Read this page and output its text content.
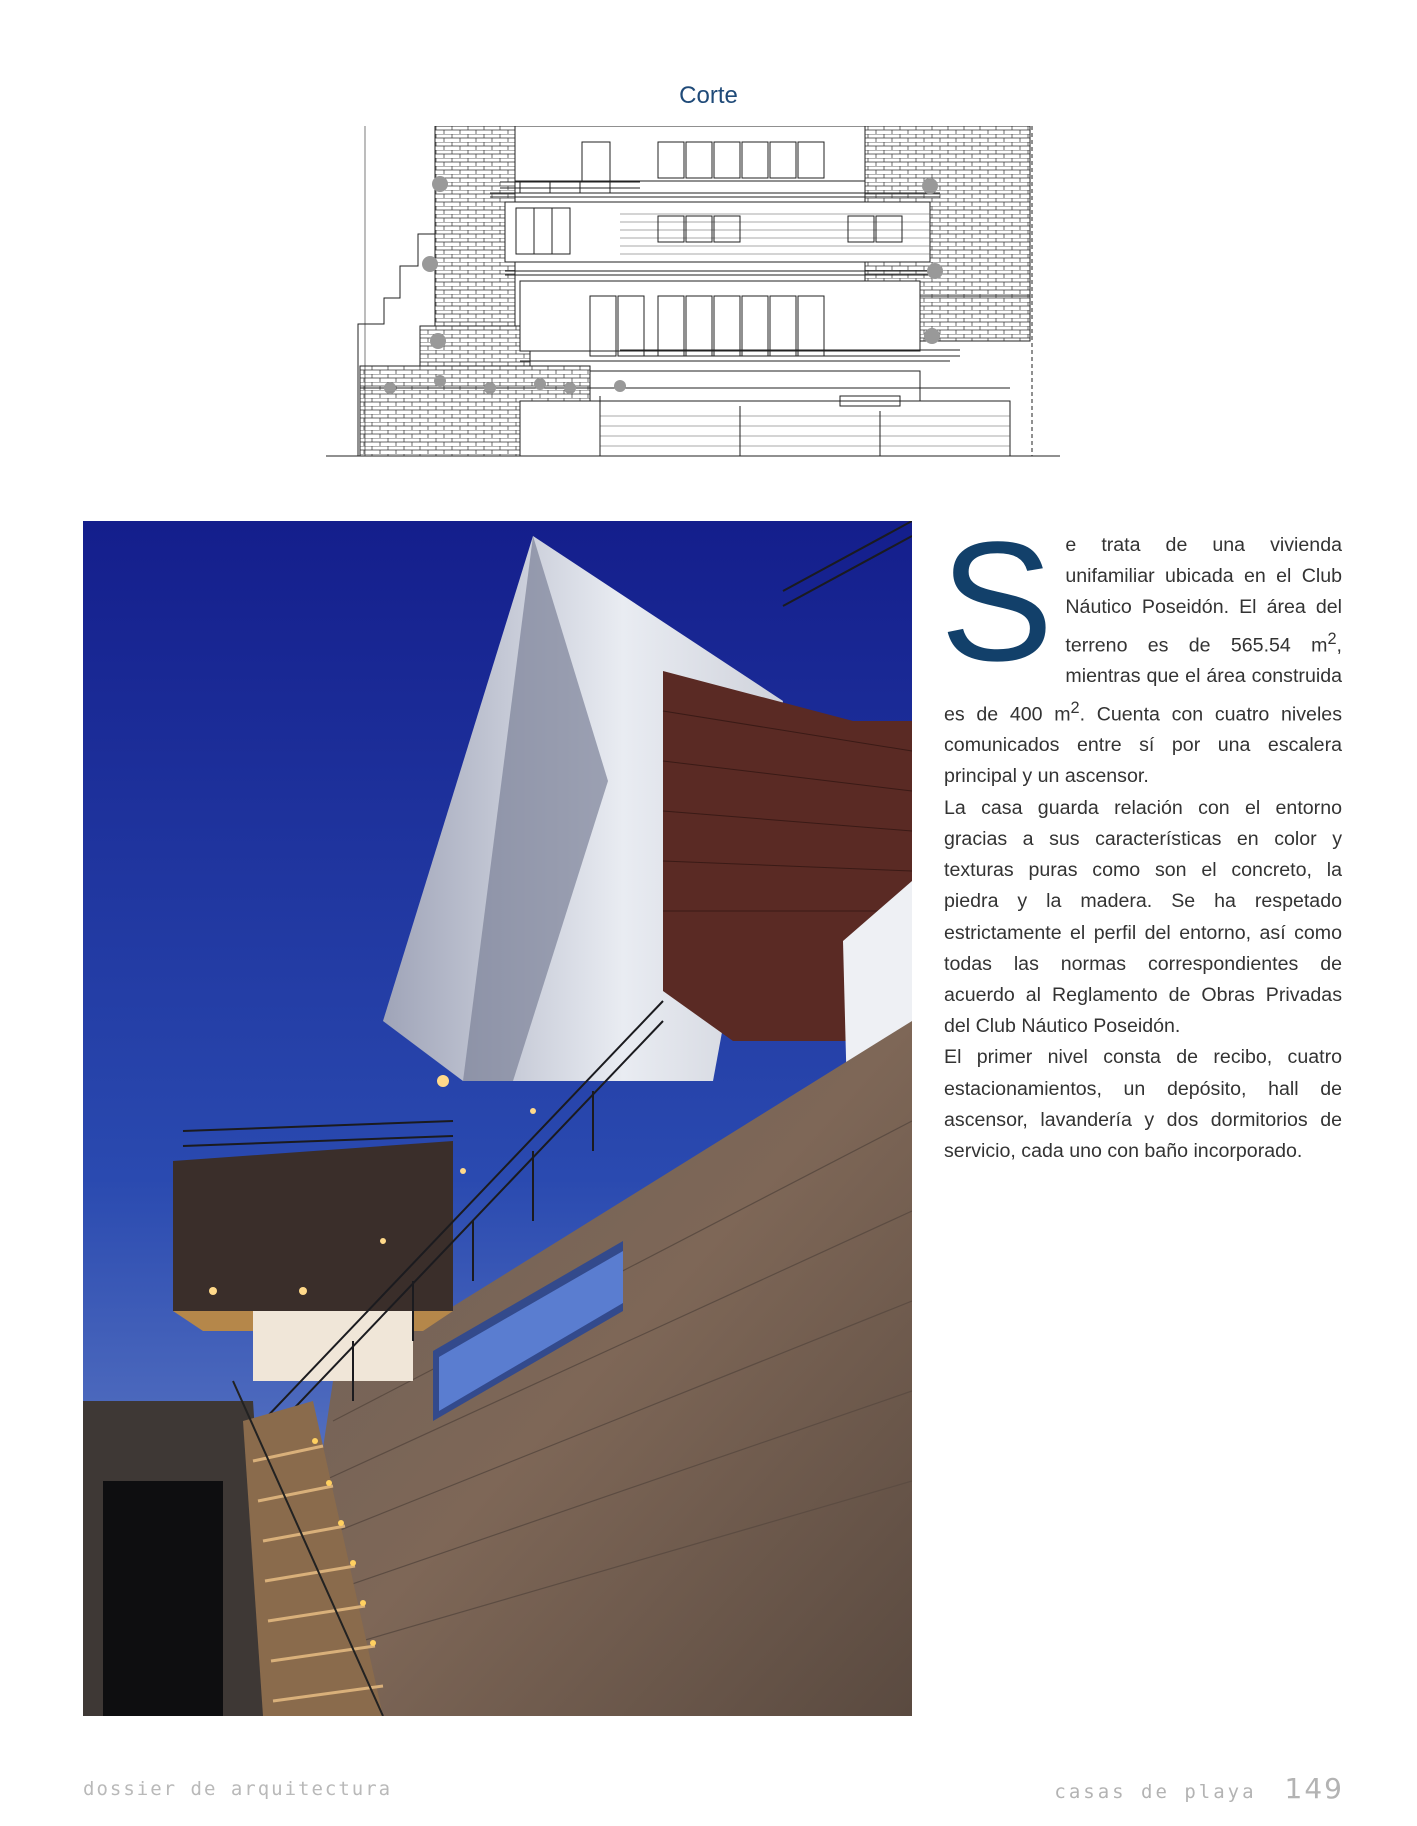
Corte

Se trata de una vivienda unifamiliar ubicada en el Club Náutico Poseidón. El área del terreno es de 565.54 $m^2$, mientras que el área construida es de 400 $m^2$. Cuenta con cuatro niveles comunicados entre sí por una escalera principal y un ascensor.

La casa guarda relación con el entorno gracias a sus características en color y texturas puras como son el concreto, la piedra y la madera. Se ha respetado estrictamente el perfil del entorno, así como todas las normas correspondientes de acuerdo al Reglamento de Obras Privadas del Club Náutico Poseidón.

El primer nivel consta de recibo, cuatro estacionamientos, un depósito, hall de ascensor, lavandería y dos dormitorios de servicio, cada uno con baño incorporado.

dossier de arquitectura	casas de playa 149
